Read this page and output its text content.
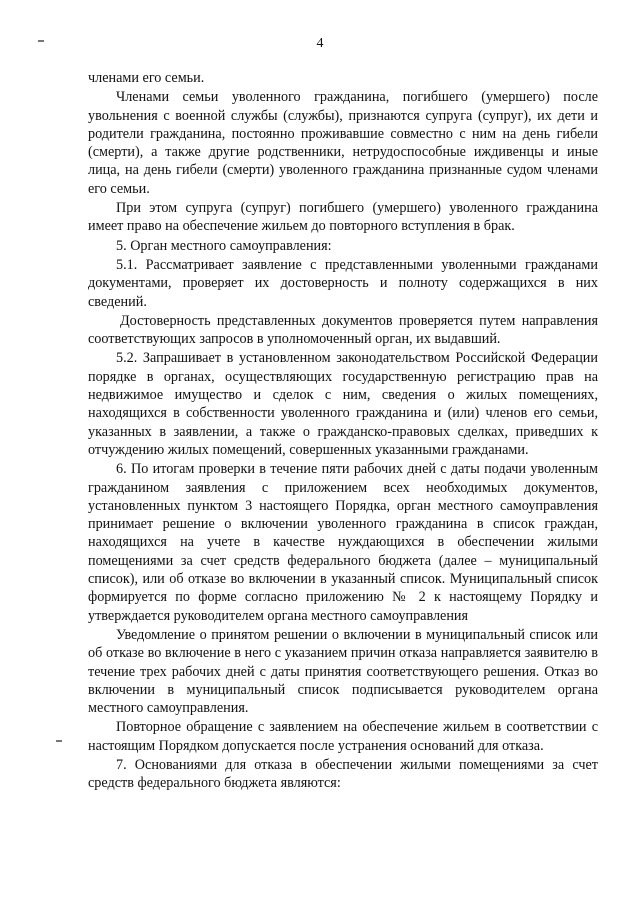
4

членами его семьи.

Членами семьи уволенного гражданина, погибшего (умершего) после увольнения с военной службы (службы), признаются супруга (супруг), их дети и родители гражданина, постоянно проживавшие совместно с ним на день гибели (смерти), а также другие родственники, нетрудоспособные иждивенцы и иные лица, на день гибели (смерти) уволенного гражданина признанные судом членами его семьи.

При этом супруга (супруг) погибшего (умершего) уволенного гражданина имеет право на обеспечение жильем до повторного вступления в брак.

5. Орган местного самоуправления:

5.1. Рассматривает заявление с представленными уволенными гражданами документами, проверяет их достоверность и полноту содержащихся в них сведений.

Достоверность представленных документов проверяется путем направления соответствующих запросов в уполномоченный орган, их выдавший.

5.2. Запрашивает в установленном законодательством Российской Федерации порядке в органах, осуществляющих государственную регистрацию прав на недвижимое имущество и сделок с ним, сведения о жилых помещениях, находящихся в собственности уволенного гражданина и (или) членов его семьи, указанных в заявлении, а также о гражданско-правовых сделках, приведших к отчуждению жилых помещений, совершенных указанными гражданами.

6. По итогам проверки в течение пяти рабочих дней с даты подачи уволенным гражданином заявления с приложением всех необходимых документов, установленных пунктом 3 настоящего Порядка, орган местного самоуправления принимает решение о включении уволенного гражданина в список граждан, находящихся на учете в качестве нуждающихся в обеспечении жилыми помещениями за счет средств федерального бюджета (далее – муниципальный список), или об отказе во включении в указанный список. Муниципальный список формируется по форме согласно приложению № 2 к настоящему Порядку и утверждается руководителем органа местного самоуправления

Уведомление о принятом решении о включении в муниципальный список или об отказе во включение в него с указанием причин отказа направляется заявителю в течение трех рабочих дней с даты принятия соответствующего решения. Отказ во включении в муниципальный список подписывается руководителем органа местного самоуправления.

Повторное обращение с заявлением на обеспечение жильем в соответствии с настоящим Порядком допускается после устранения оснований для отказа.

7. Основаниями для отказа в обеспечении жилыми помещениями за счет средств федерального бюджета являются:
